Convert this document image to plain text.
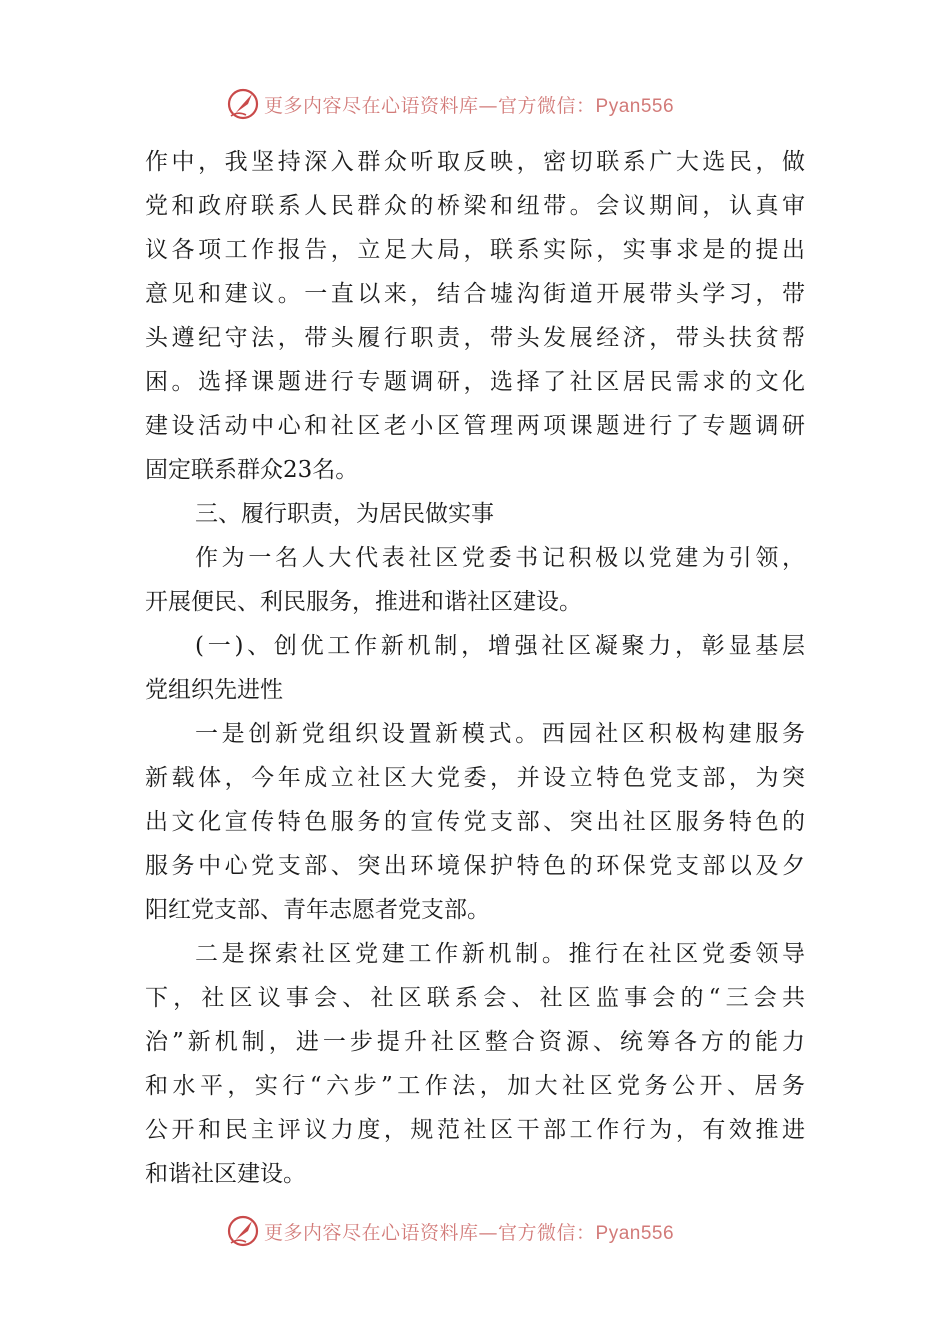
更多内容尽在心语资料库—官方微信：Pyan556
作中，我坚持深入群众听取反映，密切联系广大选民，做
党和政府联系人民群众的桥梁和纽带。会议期间，认真审
议各项工作报告，立足大局，联系实际，实事求是的提出
意见和建议。一直以来，结合墟沟街道开展带头学习，带
头遵纪守法，带头履行职责，带头发展经济，带头扶贫帮
困。选择课题进行专题调研，选择了社区居民需求的文化
建设活动中心和社区老小区管理两项课题进行了专题调研
固定联系群众23名。
三、履行职责，为居民做实事
作为一名人大代表社区党委书记积极以党建为引领，
开展便民、利民服务，推进和谐社区建设。
(一)、创优工作新机制，增强社区凝聚力，彰显基层
党组织先进性
一是创新党组织设置新模式。西园社区积极构建服务
新载体，今年成立社区大党委，并设立特色党支部，为突
出文化宣传特色服务的宣传党支部、突出社区服务特色的
服务中心党支部、突出环境保护特色的环保党支部以及夕
阳红党支部、青年志愿者党支部。
二是探索社区党建工作新机制。推行在社区党委领导
下，社区议事会、社区联系会、社区监事会的“三会共
治”新机制，进一步提升社区整合资源、统筹各方的能力
和水平，实行“六步”工作法，加大社区党务公开、居务
公开和民主评议力度，规范社区干部工作行为，有效推进
和谐社区建设。
更多内容尽在心语资料库—官方微信：Pyan556
